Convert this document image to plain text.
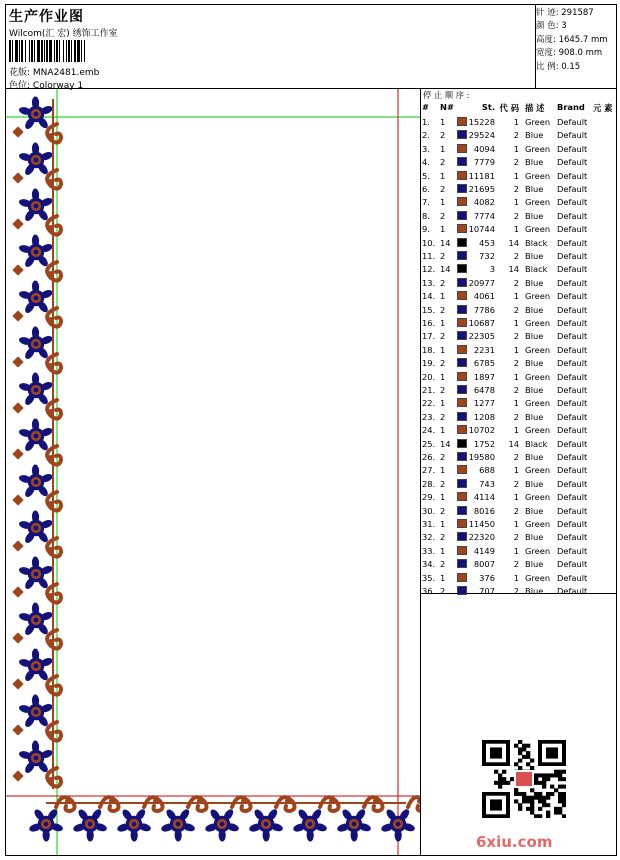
生产作业图
Wilcom(汇 宏) 绣饰工作室
花版: MNA2481.emb
色位: Colorway 1
针 迹: 291587
颜 色: 3
高度: 1645.7 mm
宽度: 908.0 mm
比 例: 0.15
停 止 顺 序 :
# N#	St. 代 码 描 述 Brand 元 素
1. 1	15228	1 Green Default
2. 2	29524	2 Blue Default
3. 1	4094	1 Green Default
4. 2	7779	2 Blue Default
5. 1	11181	1 Green Default
6. 2	21695	2 Blue Default
7. 1	4082	1 Green Default
8. 2	7774	2 Blue Default
9. 1	10744	1 Green Default
10. 14	453	14 Black Default
11. 2	732	2 Blue Default
12. 14	3	14 Black Default
13. 2	20977	2 Blue Default
14. 1	4061	1 Green Default
15. 2	7786	2 Blue Default
16. 1	10687	1 Green Default
17. 2	22305	2 Blue Default
18. 1	2231	1 Green Default
19. 2	6785	2 Blue Default
20. 1	1897	1 Green Default
21. 2	6478	2 Blue Default
22. 1	1277	1 Green Default
23. 2	1208	2 Blue Default
24. 1	10702	1 Green Default
25. 14	1752	14 Black Default
26. 2	19580	2 Blue Default
27. 1	688	1 Green Default
28. 2	743	2 Blue Default
29. 1	4114	1 Green Default
30. 2	8016	2 Blue Default
31. 1	11450	1 Green Default
32. 2	22320	2 Blue Default
33. 1	4149	1 Green Default
34. 2	8007	2 Blue Default
35. 1	376	1 Green Default
36. 2	707	2 Blue Default
6xiu.com
